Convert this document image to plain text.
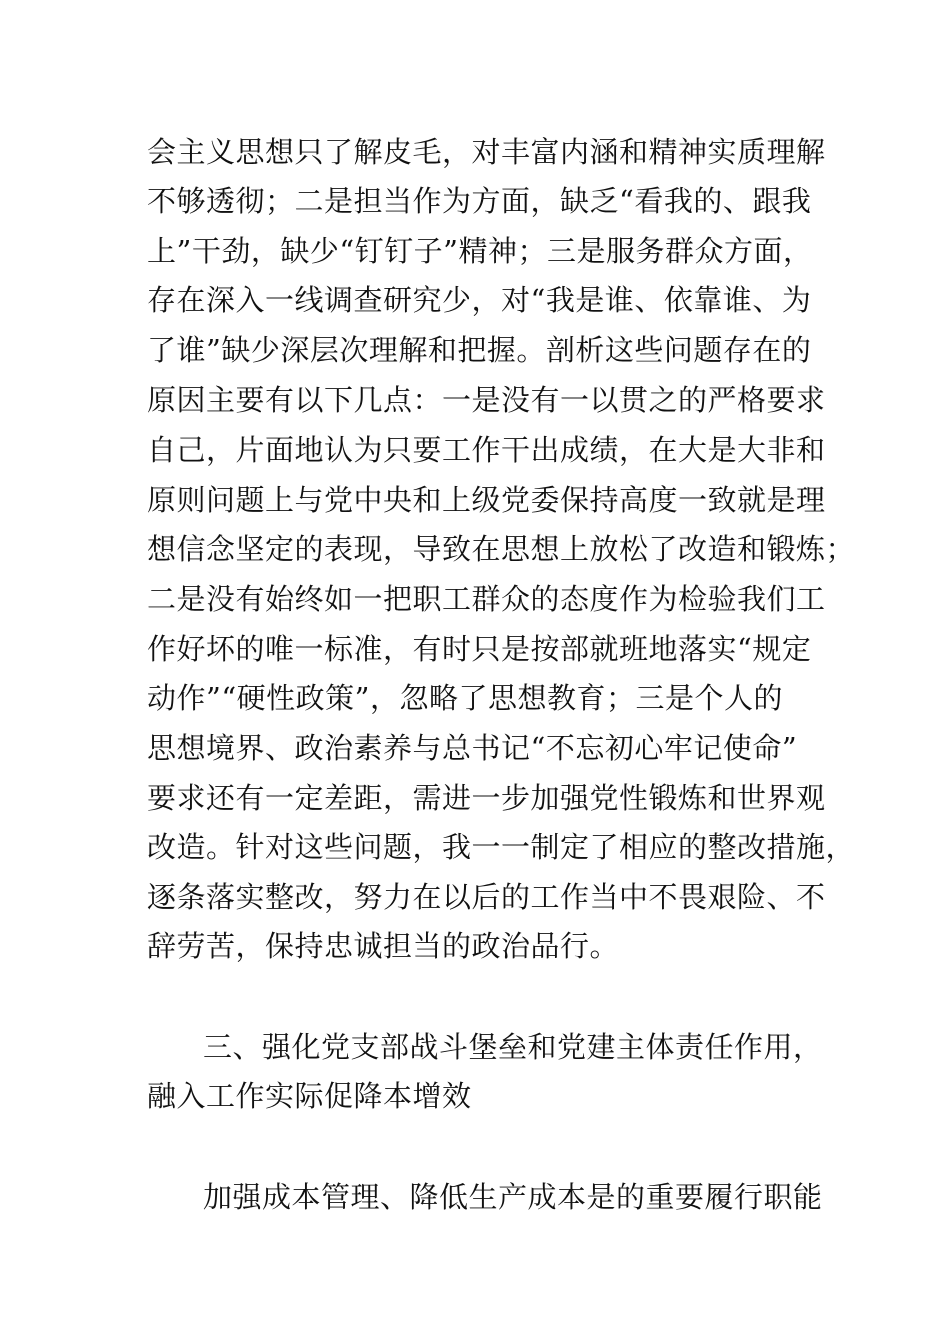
会主义思想只了解皮毛，对丰富内涵和精神实质理解
不够透彻；二是担当作为方面，缺乏“看我的、跟我
上”干劲，缺少“钉钉子”精神；三是服务群众方面，
存在深入一线调查研究少，对“我是谁、依靠谁、为
了谁”缺少深层次理解和把握。剖析这些问题存在的
原因主要有以下几点：一是没有一以贯之的严格要求
自己，片面地认为只要工作干出成绩，在大是大非和
原则问题上与党中央和上级党委保持高度一致就是理
想信念坚定的表现，导致在思想上放松了改造和锻炼；
二是没有始终如一把职工群众的态度作为检验我们工
作好坏的唯一标准，有时只是按部就班地落实“规定
动作”“硬性政策”，忽略了思想教育；三是个人的
思想境界、政治素养与总书记“不忘初心牢记使命”
要求还有一定差距，需进一步加强党性锻炼和世界观
改造。针对这些问题，我一一制定了相应的整改措施，
逐条落实整改，努力在以后的工作当中不畏艰险、不
辞劳苦，保持忠诚担当的政治品行。
三、强化党支部战斗堡垒和党建主体责任作用，
融入工作实际促降本增效
加强成本管理、降低生产成本是的重要履行职能
